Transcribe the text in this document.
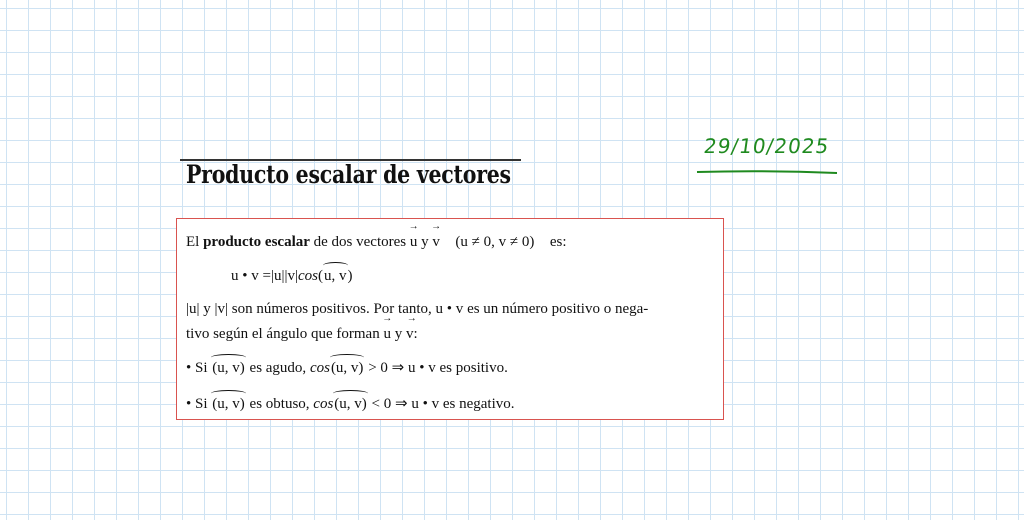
29/10/2025

Producto escalar de vectores
El producto escalar de dos vectores → u y → v (u ≠ 0, v ≠ 0) es:
u • v =|u||v|cos(u, v)
|u| y |v| son números positivos. Por tanto, u • v es un número positivo o nega-
tivo según el ángulo que forman → u y → v:
• Si (u, v) es agudo, cos(u, v) > 0 ⇒ u • v es positivo.
• Si (u, v) es obtuso, cos(u, v) < 0 ⇒ u • v es negativo.
